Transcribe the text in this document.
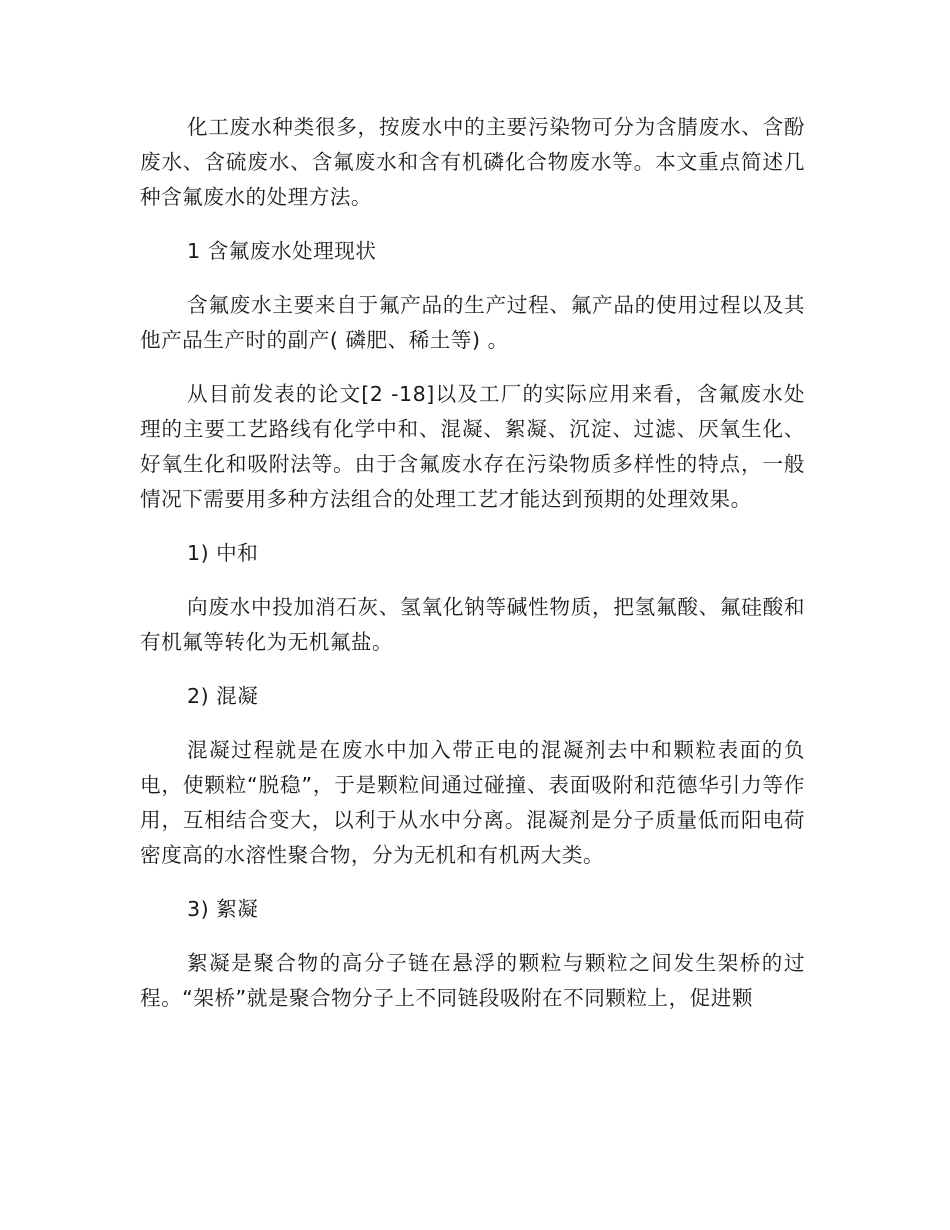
化工废水种类很多，按废水中的主要污染物可分为含腈废水、含酚废水、含硫废水、含氟废水和含有机磷化合物废水等。本文重点简述几种含氟废水的处理方法。

1 含氟废水处理现状

含氟废水主要来自于氟产品的生产过程、氟产品的使用过程以及其他产品生产时的副产( 磷肥、稀土等) 。

从目前发表的论文[2 -18]以及工厂的实际应用来看，含氟废水处理的主要工艺路线有化学中和、混凝、絮凝、沉淀、过滤、厌氧生化、好氧生化和吸附法等。由于含氟废水存在污染物质多样性的特点，一般情况下需要用多种方法组合的处理工艺才能达到预期的处理效果。

1) 中和

向废水中投加消石灰、氢氧化钠等碱性物质，把氢氟酸、氟硅酸和有机氟等转化为无机氟盐。

2) 混凝

混凝过程就是在废水中加入带正电的混凝剂去中和颗粒表面的负电，使颗粒“脱稳”，于是颗粒间通过碰撞、表面吸附和范德华引力等作用，互相结合变大，以利于从水中分离。混凝剂是分子质量低而阳电荷密度高的水溶性聚合物，分为无机和有机两大类。

3) 絮凝

絮凝是聚合物的高分子链在悬浮的颗粒与颗粒之间发生架桥的过程。“架桥”就是聚合物分子上不同链段吸附在不同颗粒上，促进颗
